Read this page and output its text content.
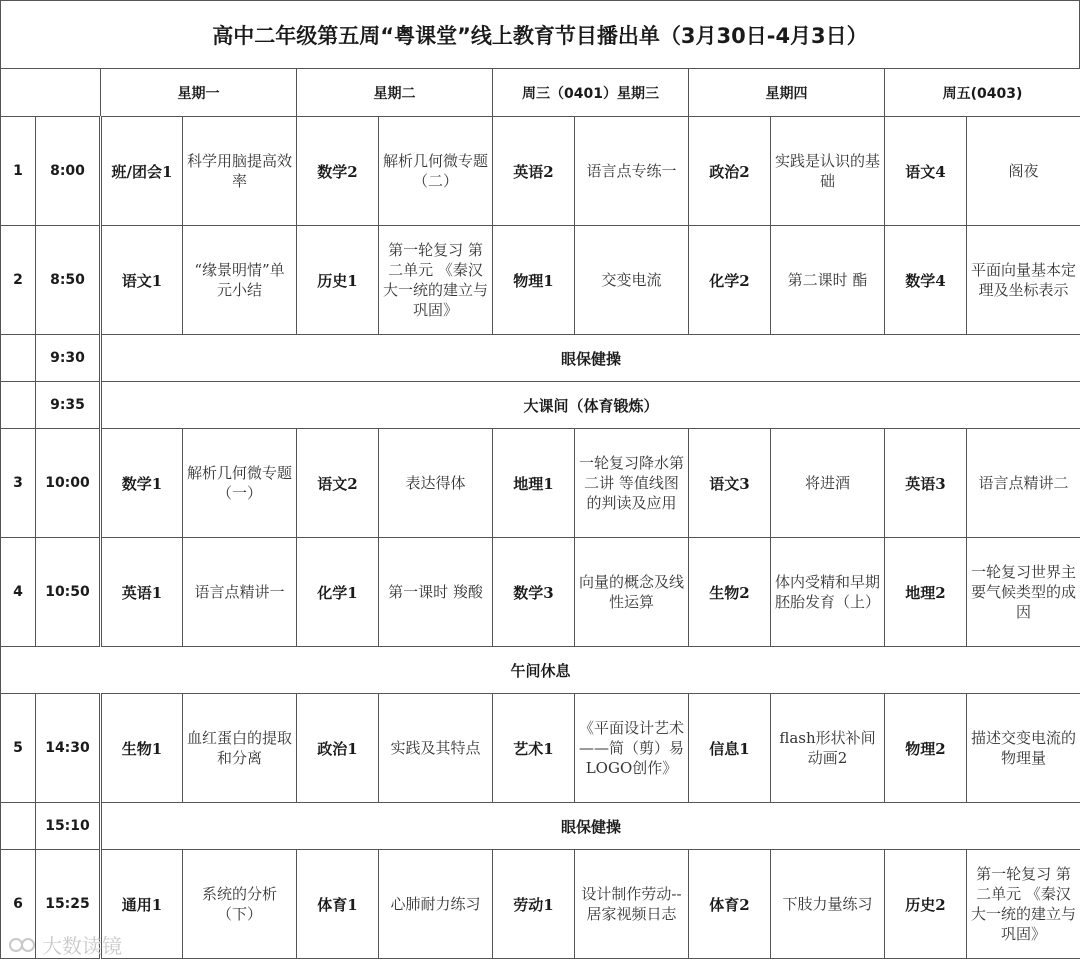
高中二年级第五周“粤课堂”线上教育节目播出单（3月30日-4月3日）
		星期一		星期二		周三（0401）星期三		星期四		周五(0403)	
1	8:00	班/团会1	科学用脑提高效率	数学2	解析几何微专题（二）	英语2	语言点专练一	政治2	实践是认识的基础	语文4	阁夜
2	8:50	语文1	“缘景明情”单元小结	历史1	第一轮复习 第二单元 《秦汉大一统的建立与巩固》	物理1	交变电流	化学2	第二课时 酯	数学4	平面向量基本定理及坐标表示
	9:30	眼保健操									
	9:35	大课间（体育锻炼）									
3	10:00	数学1	解析几何微专题（一）	语文2	表达得体	地理1	一轮复习降水第二讲 等值线图的判读及应用	语文3	将进酒	英语3	语言点精讲二
4	10:50	英语1	语言点精讲一	化学1	第一课时 羧酸	数学3	向量的概念及线性运算	生物2	体内受精和早期胚胎发育（上）	地理2	一轮复习世界主要气候类型的成因
午间休息											
5	14:30	生物1	血红蛋白的提取和分离	政治1	实践及其特点	艺术1	《平面设计艺术——简（剪）易LOGO创作》	信息1	flash形状补间动画2	物理2	描述交变电流的物理量
	15:10	眼保健操									
6	15:25	通用1	系统的分析（下）	体育1	心肺耐力练习	劳动1	设计制作劳动--居家视频日志	体育2	下肢力量练习	历史2	第一轮复习 第二单元 《秦汉大一统的建立与巩固》
大数读镜
